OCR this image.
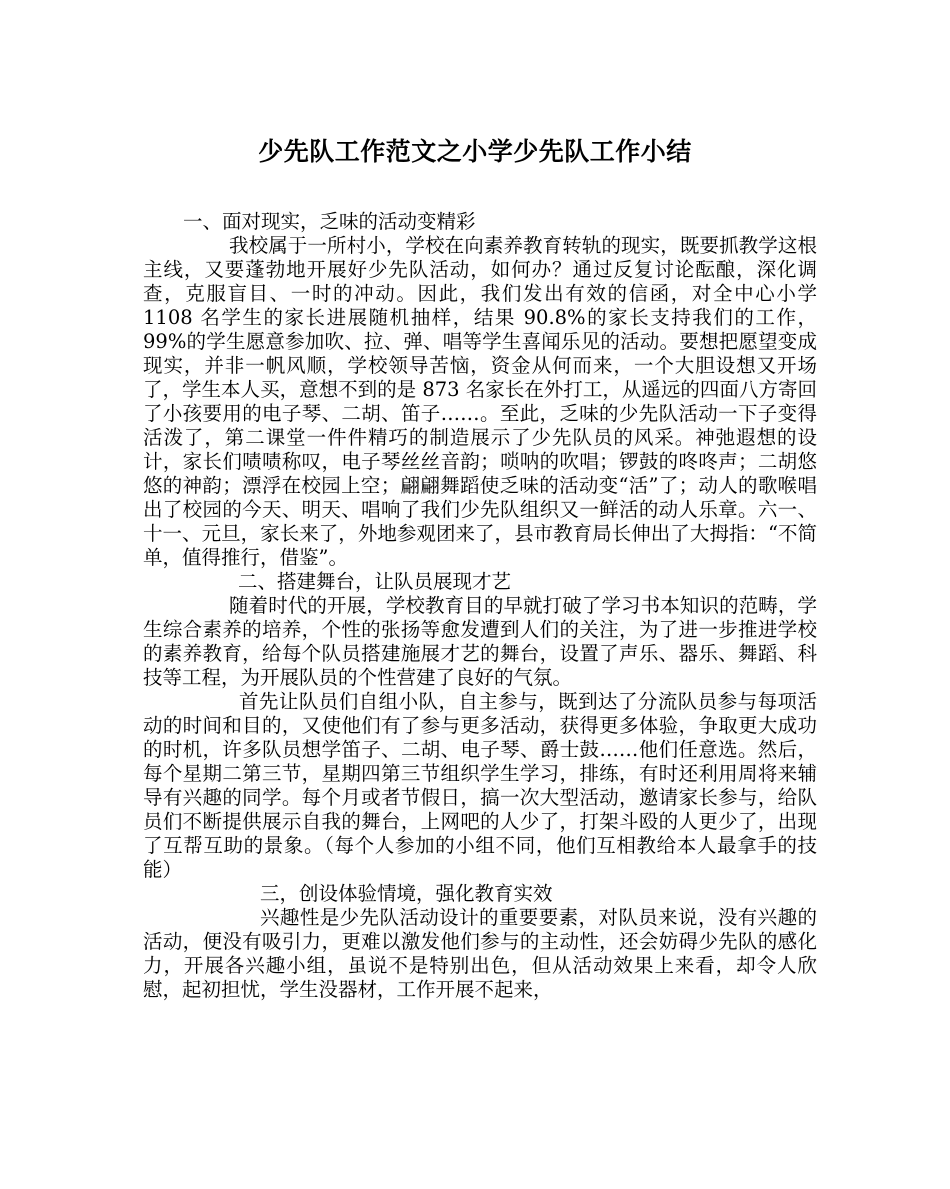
少先队工作范文之小学少先队工作小结

一、面对现实，乏味的活动变精彩

我校属于一所村小，学校在向素养教育转轨的现实，既要抓教学这根主线，又要蓬勃地开展好少先队活动，如何办？通过反复讨论酝酿，深化调查，克服盲目、一时的冲动。因此，我们发出有效的信函，对全中心小学 1108 名学生的家长进展随机抽样，结果 90.8%的家长支持我们的工作，99%的学生愿意参加吹、拉、弹、唱等学生喜闻乐见的活动。要想把愿望变成现实，并非一帆风顺，学校领导苦恼，资金从何而来，一个大胆设想又开场了，学生本人买，意想不到的是 873 名家长在外打工，从遥远的四面八方寄回了小孩要用的电子琴、二胡、笛子……。至此，乏味的少先队活动一下子变得活泼了，第二课堂一件件精巧的制造展示了少先队员的风采。神弛遐想的设计，家长们啧啧称叹，电子琴丝丝音韵；唢呐的吹唱；锣鼓的咚咚声；二胡悠悠的神韵；漂浮在校园上空；翩翩舞蹈使乏味的活动变“活”了；动人的歌喉唱出了校园的今天、明天、唱响了我们少先队组织又一鲜活的动人乐章。六一、十一、元旦，家长来了，外地参观团来了，县市教育局长伸出了大拇指：“不简单，值得推行，借鉴”。

二、搭建舞台，让队员展现才艺

随着时代的开展，学校教育目的早就打破了学习书本知识的范畴，学生综合素养的培养，个性的张扬等愈发遭到人们的关注，为了进一步推进学校的素养教育，给每个队员搭建施展才艺的舞台，设置了声乐、器乐、舞蹈、科技等工程，为开展队员的个性营建了良好的气氛。

首先让队员们自组小队，自主参与，既到达了分流队员参与每项活动的时间和目的，又使他们有了参与更多活动，获得更多体验，争取更大成功的时机，许多队员想学笛子、二胡、电子琴、爵士鼓……他们任意选。然后，每个星期二第三节，星期四第三节组织学生学习，排练，有时还利用周将来辅导有兴趣的同学。每个月或者节假日，搞一次大型活动，邀请家长参与，给队员们不断提供展示自我的舞台，上网吧的人少了，打架斗殴的人更少了，出现了互帮互助的景象。（每个人参加的小组不同，他们互相教给本人最拿手的技能）

三，创设体验情境，强化教育实效

兴趣性是少先队活动设计的重要要素，对队员来说，没有兴趣的活动，便没有吸引力，更难以激发他们参与的主动性，还会妨碍少先队的感化力，开展各兴趣小组，虽说不是特别出色，但从活动效果上来看，却令人欣慰，起初担忧，学生没器材，工作开展不起来，
